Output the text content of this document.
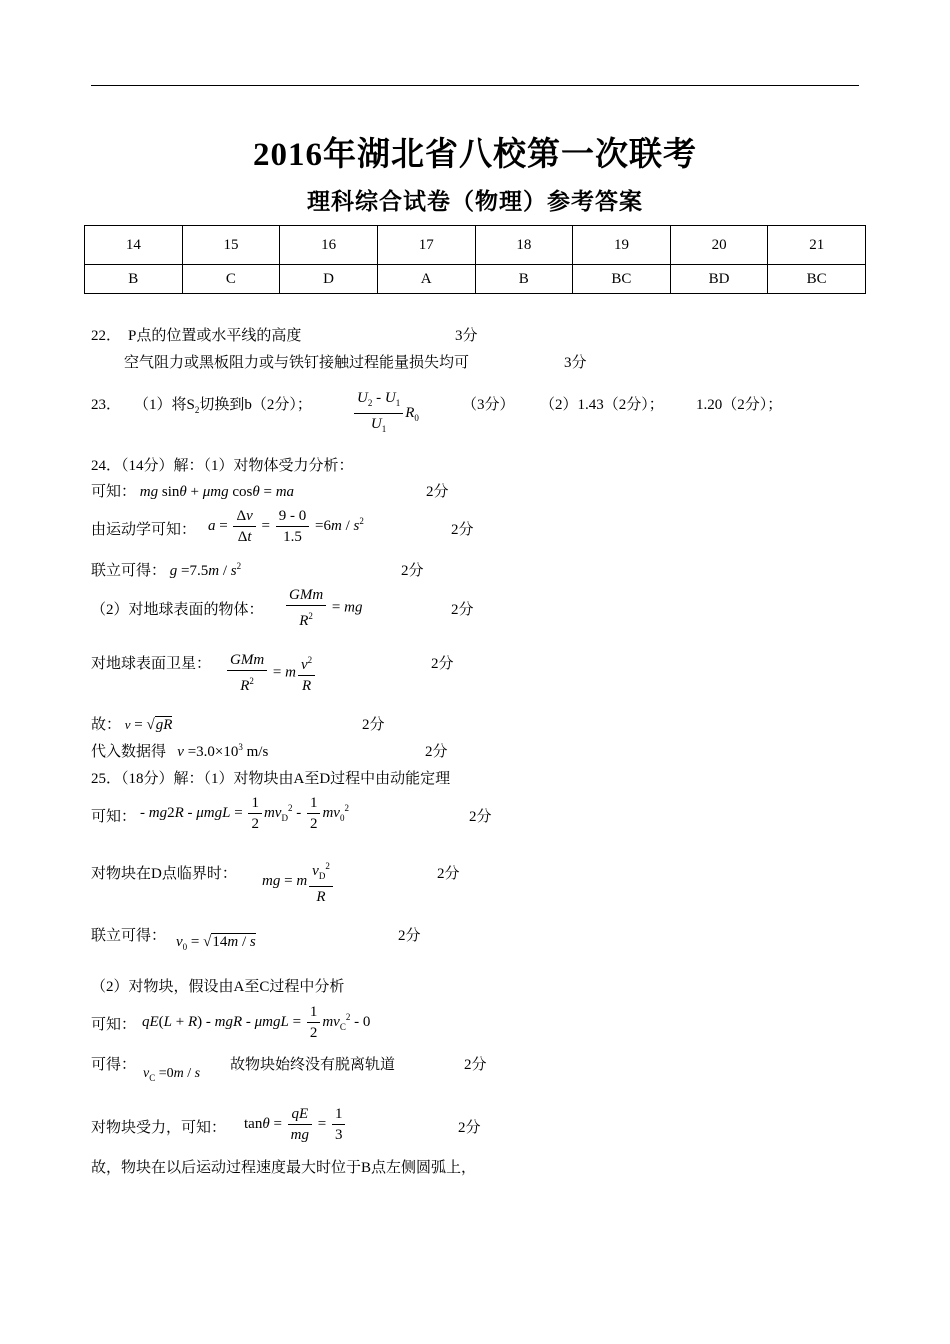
2016年湖北省八校第一次联考
理科综合试卷（物理）参考答案
14	15	16	17	18	19	20	21
B	C	D	A	B	BC	BD	BC
22． P点的位置或水平线的高度	3分
空气阻力或黑板阻力或与铁钉接触过程能量损失均可	3分
23． （1）将$S_2$切换到b（2分）；	$\frac{U_2 - U_1}{U_1} R_0$
（3分） （2）1.43（2分）； 1.20（2分）；
24．（14分）解：（1）对物体受力分析：
可知： mg sinθ + μmg cosθ = ma	2分
由运动学可知： $a = \frac{\Delta v}{\Delta t} = \frac{9 - 0}{1.5} =6m / s^2$
2分
联立可得： $g =7.5m / s^2$	2分
（2）对地球表面的物体： $\frac{\text{GMm}}{R^2}$ = mg	2分
对地球表面卫星： $\frac{\text{GMm}}{R^2} = m \frac{v^2}{R}$	2分
故： v = √gR	2分
代入数据得 $v =3.0\times 10^3$ m/s	2分
25．（18分）解：（1）对物块由A至D过程中由动能定理
可知： - $mg2R - \mu mgL = \frac{1}{2} mv_D^2 - \frac{1}{2} mv_0^2$
2分
对物块在D点临界时： mg = m $\frac{v_D^2}{R}$	2分
联立可得： $v_0 = √14m / s$	2分
（2）对物块，假设由A至C过程中分析
可知： qE(L + R) - mgR - $\mu mgL = \frac{1}{2} mv_C^2 - 0$
可得：
$v_C =0m / s$
故物块始终没有脱离轨道	2分
对物块受力，可知： $\tan\theta = \frac{qE}{mg} = \frac{1}{3}$	2分
故，物块在以后运动过程速度最大时位于B点左侧圆弧上，
